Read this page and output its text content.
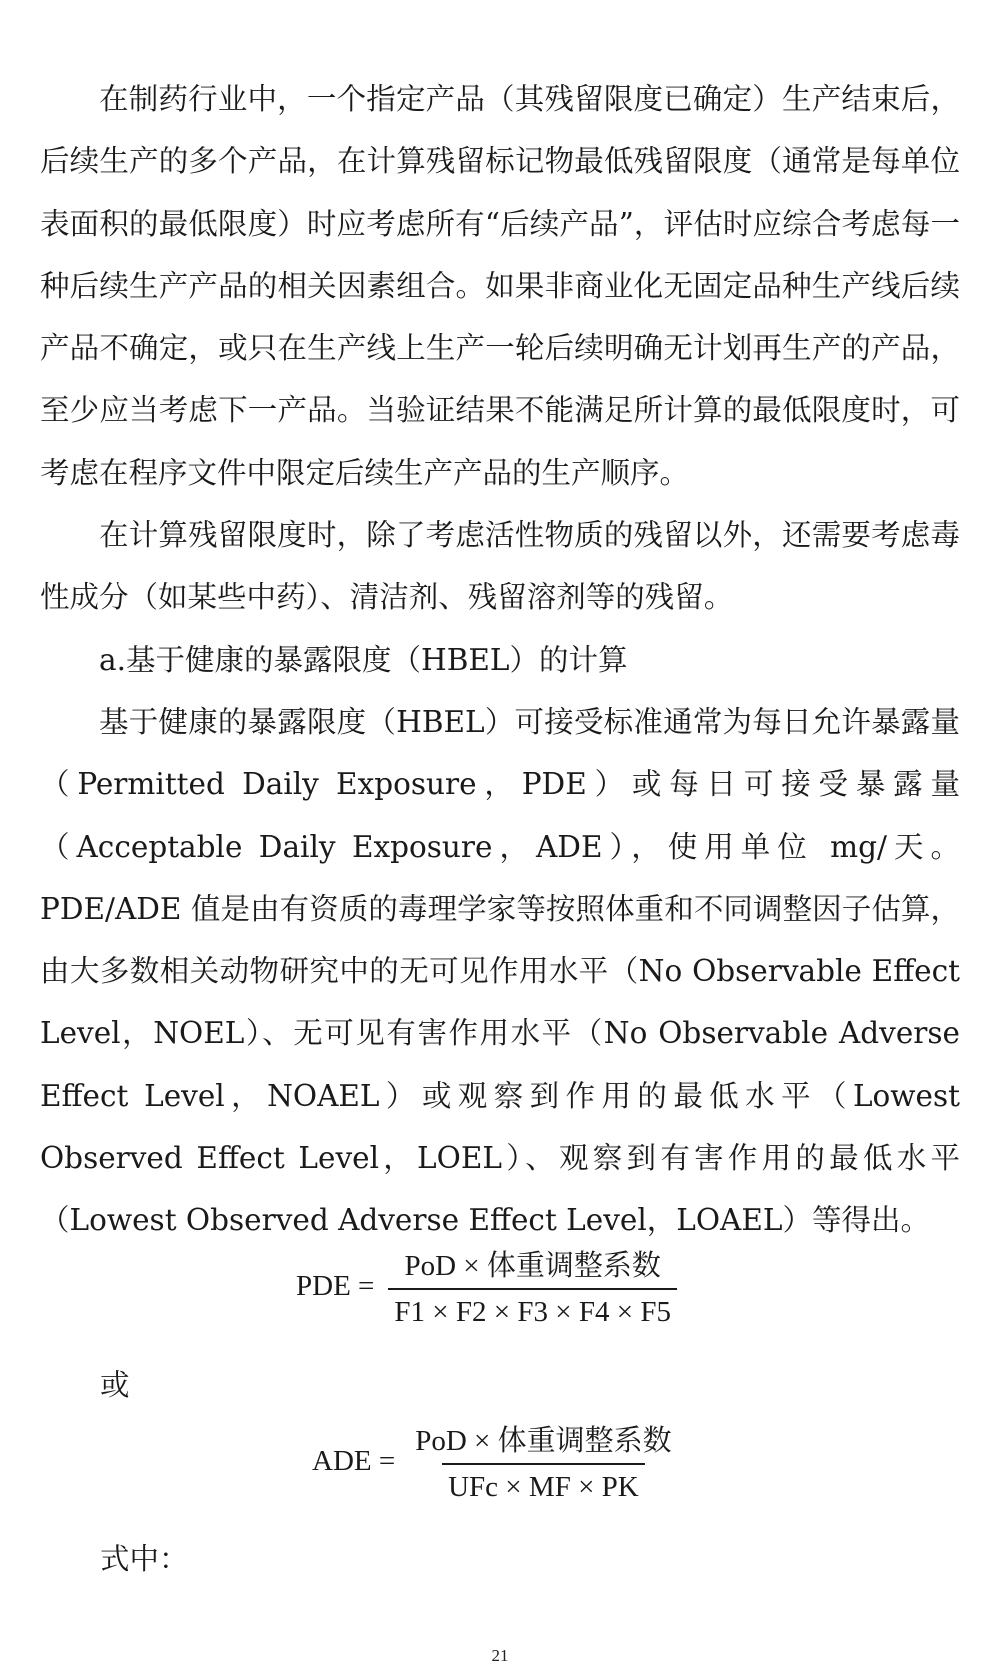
在制药行业中，一个指定产品（其残留限度已确定）生产结束后，后续生产的多个产品，在计算残留标记物最低残留限度（通常是每单位表面积的最低限度）时应考虑所有“后续产品”，评估时应综合考虑每一种后续生产产品的相关因素组合。如果非商业化无固定品种生产线后续产品不确定，或只在生产线上生产一轮后续明确无计划再生产的产品，至少应当考虑下一产品。当验证结果不能满足所计算的最低限度时，可考虑在程序文件中限定后续生产产品的生产顺序。

在计算残留限度时，除了考虑活性物质的残留以外，还需要考虑毒性成分（如某些中药）、清洁剂、残留溶剂等的残留。

a.基于健康的暴露限度（HBEL）的计算

基于健康的暴露限度（HBEL）可接受标准通常为每日允许暴露量（Permitted Daily Exposure，PDE）或每日可接受暴露量（Acceptable Daily Exposure，ADE），使用单位 mg/天。PDE/ADE 值是由有资质的毒理学家等按照体重和不同调整因子估算，由大多数相关动物研究中的无可见作用水平（No Observable Effect Level，NOEL）、无可见有害作用水平（No Observable Adverse Effect Level，NOAEL）或观察到作用的最低水平（Lowest Observed Effect Level，LOEL）、观察到有害作用的最低水平（Lowest Observed Adverse Effect Level，LOAEL）等得出。

PDE = $\frac{\text{PoD × 体重调整系数}}{F1 \times F2 \times F3 \times F4 \times F5}$
或
ADE = $\frac{\text{PoD × 体重调整系数}}{\text{UFc × MF × PK}}$
式中：
21
